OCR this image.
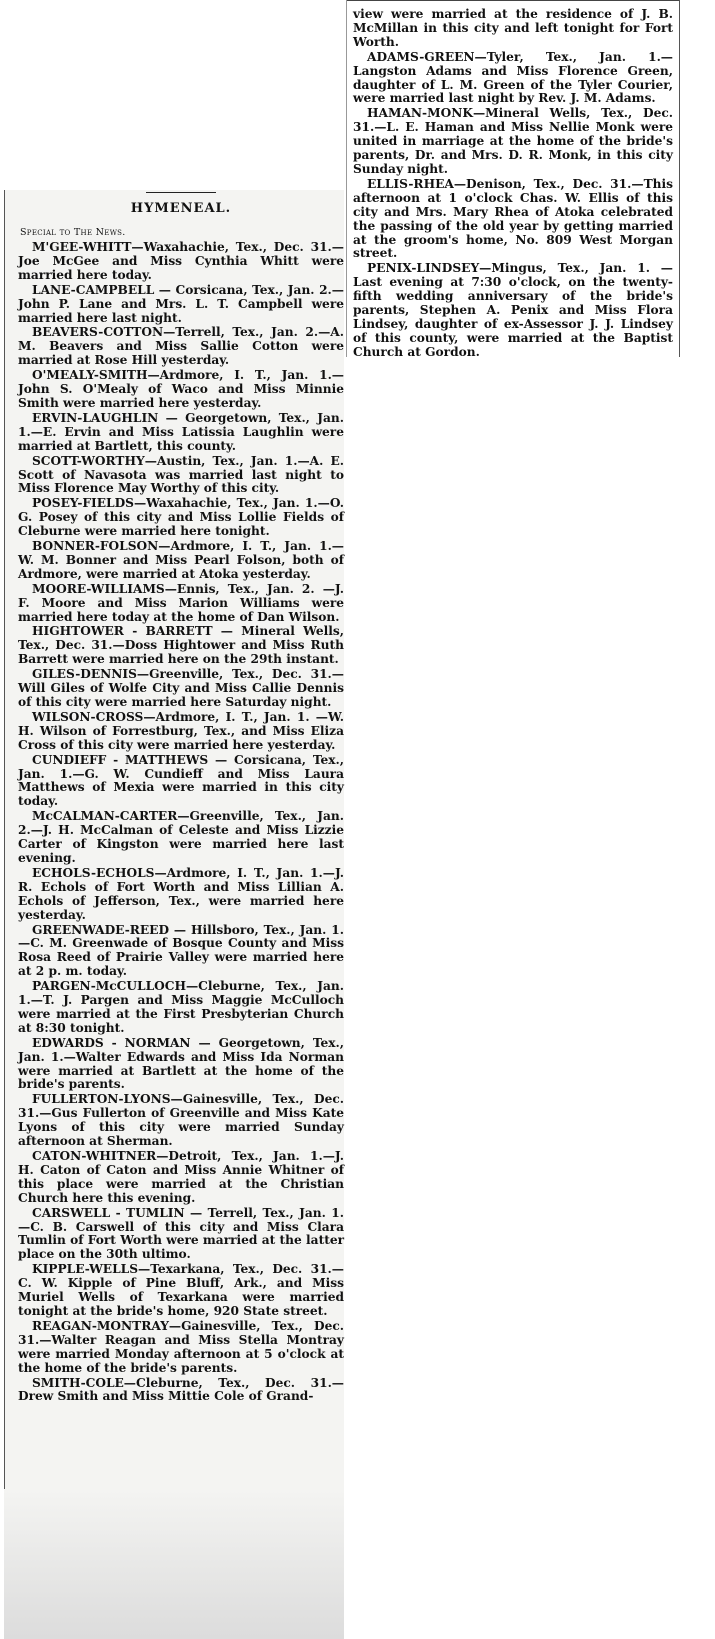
view were married at the residence of J. B. McMillan in this city and left tonight for Fort Worth.

ADAMS-GREEN—Tyler, Tex., Jan. 1.—Langston Adams and Miss Florence Green, daughter of L. M. Green of the Tyler Courier, were married last night by Rev. J. M. Adams.

HAMAN-MONK—Mineral Wells, Tex., Dec. 31.—L. E. Haman and Miss Nellie Monk were united in marriage at the home of the bride's parents, Dr. and Mrs. D. R. Monk, in this city Sunday night.

ELLIS-RHEA—Denison, Tex., Dec. 31.—This afternoon at 1 o'clock Chas. W. Ellis of this city and Mrs. Mary Rhea of Atoka celebrated the passing of the old year by getting married at the groom's home, No. 809 West Morgan street.

PENIX-LINDSEY—Mingus, Tex., Jan. 1. —Last evening at 7:30 o'clock, on the twenty-fifth wedding anniversary of the bride's parents, Stephen A. Penix and Miss Flora Lindsey, daughter of ex-Assessor J. J. Lindsey of this county, were married at the Baptist Church at Gordon.

HYMENEAL.
Special to The News.

M'GEE-WHITT—Waxahachie, Tex., Dec. 31.—Joe McGee and Miss Cynthia Whitt were married here today.

LANE-CAMPBELL — Corsicana, Tex., Jan. 2.—John P. Lane and Mrs. L. T. Campbell were married here last night.

BEAVERS-COTTON—Terrell, Tex., Jan. 2.—A. M. Beavers and Miss Sallie Cotton were married at Rose Hill yesterday.

O'MEALY-SMITH—Ardmore, I. T., Jan. 1.—John S. O'Mealy of Waco and Miss Minnie Smith were married here yesterday.

ERVIN-LAUGHLIN — Georgetown, Tex., Jan. 1.—E. Ervin and Miss Latissia Laughlin were married at Bartlett, this county.

SCOTT-WORTHY—Austin, Tex., Jan. 1.—A. E. Scott of Navasota was married last night to Miss Florence May Worthy of this city.

POSEY-FIELDS—Waxahachie, Tex., Jan. 1.—O. G. Posey of this city and Miss Lollie Fields of Cleburne were married here tonight.

BONNER-FOLSON—Ardmore, I. T., Jan. 1.—W. M. Bonner and Miss Pearl Folson, both of Ardmore, were married at Atoka yesterday.

MOORE-WILLIAMS—Ennis, Tex., Jan. 2. —J. F. Moore and Miss Marion Williams were married here today at the home of Dan Wilson.

HIGHTOWER - BARRETT — Mineral Wells, Tex., Dec. 31.—Doss Hightower and Miss Ruth Barrett were married here on the 29th instant.

GILES-DENNIS—Greenville, Tex., Dec. 31.—Will Giles of Wolfe City and Miss Callie Dennis of this city were married here Saturday night.

WILSON-CROSS—Ardmore, I. T., Jan. 1. —W. H. Wilson of Forrestburg, Tex., and Miss Eliza Cross of this city were married here yesterday.

CUNDIEFF - MATTHEWS — Corsicana, Tex., Jan. 1.—G. W. Cundieff and Miss Laura Matthews of Mexia were married in this city today.

McCALMAN-CARTER—Greenville, Tex., Jan. 2.—J. H. McCalman of Celeste and Miss Lizzie Carter of Kingston were married here last evening.

ECHOLS-ECHOLS—Ardmore, I. T., Jan. 1.—J. R. Echols of Fort Worth and Miss Lillian A. Echols of Jefferson, Tex., were married here yesterday.

GREENWADE-REED — Hillsboro, Tex., Jan. 1.—C. M. Greenwade of Bosque County and Miss Rosa Reed of Prairie Valley were married here at 2 p. m. today.

PARGEN-McCULLOCH—Cleburne, Tex., Jan. 1.—T. J. Pargen and Miss Maggie McCulloch were married at the First Presbyterian Church at 8:30 tonight.

EDWARDS - NORMAN — Georgetown, Tex., Jan. 1.—Walter Edwards and Miss Ida Norman were married at Bartlett at the home of the bride's parents.

FULLERTON-LYONS—Gainesville, Tex., Dec. 31.—Gus Fullerton of Greenville and Miss Kate Lyons of this city were married Sunday afternoon at Sherman.

CATON-WHITNER—Detroit, Tex., Jan. 1.—J. H. Caton of Caton and Miss Annie Whitner of this place were married at the Christian Church here this evening.

CARSWELL - TUMLIN — Terrell, Tex., Jan. 1.—C. B. Carswell of this city and Miss Clara Tumlin of Fort Worth were married at the latter place on the 30th ultimo.

KIPPLE-WELLS—Texarkana, Tex., Dec. 31.—C. W. Kipple of Pine Bluff, Ark., and Miss Muriel Wells of Texarkana were married tonight at the bride's home, 920 State street.

REAGAN-MONTRAY—Gainesville, Tex., Dec. 31.—Walter Reagan and Miss Stella Montray were married Monday afternoon at 5 o'clock at the home of the bride's parents.

SMITH-COLE—Cleburne, Tex., Dec. 31.—Drew Smith and Miss Mittie Cole of Grand-
